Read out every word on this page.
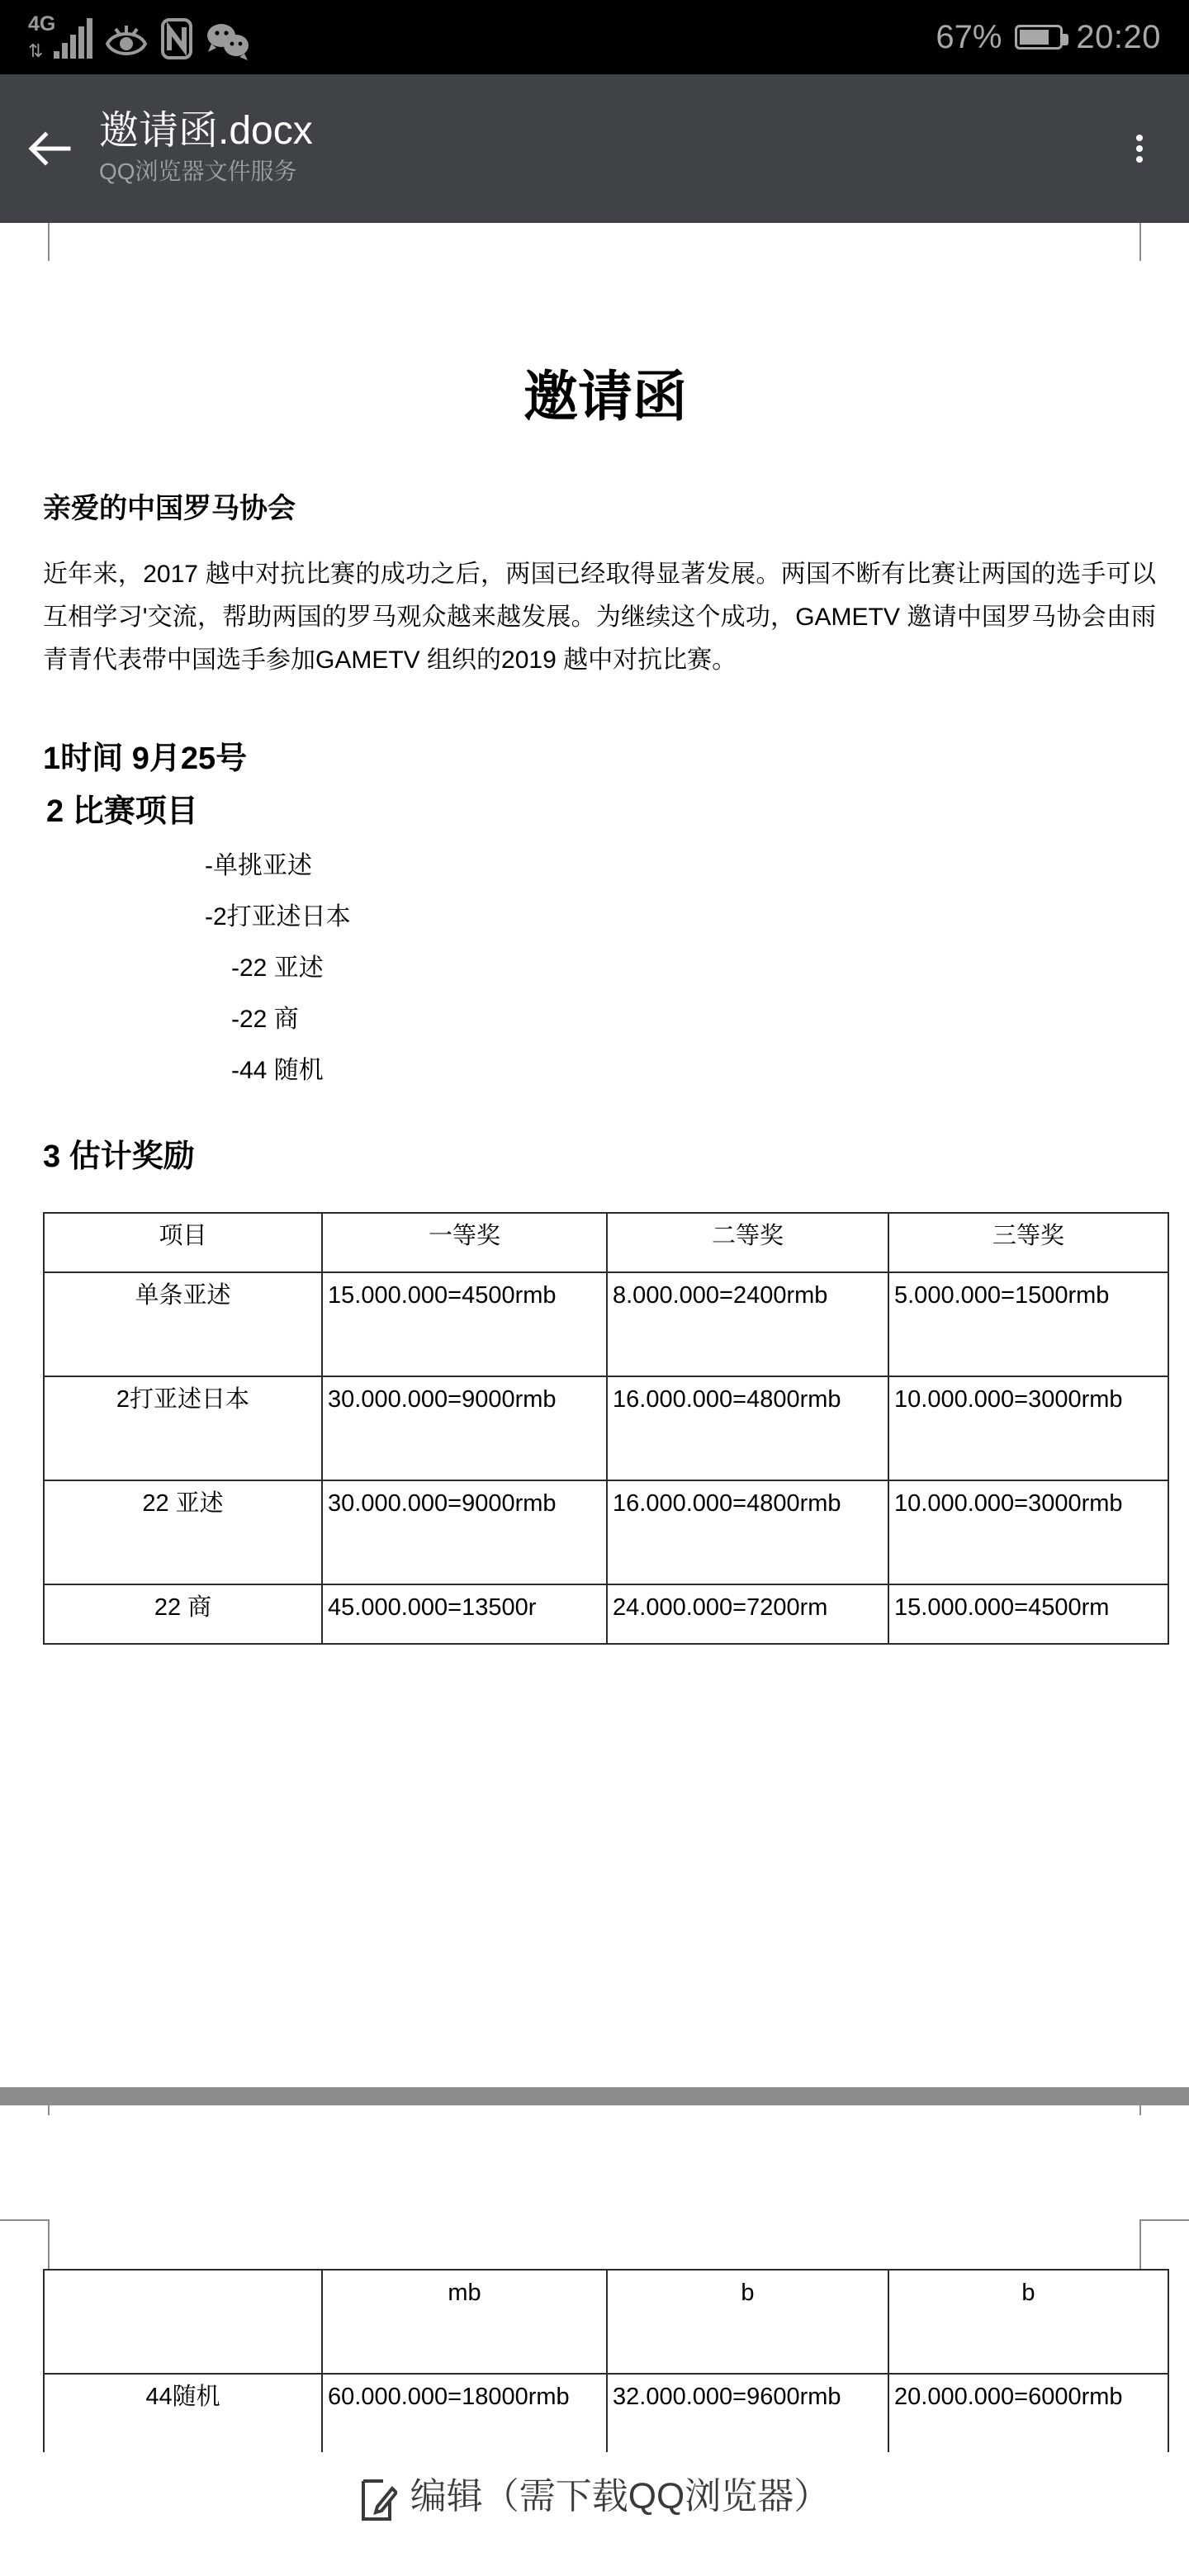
4G
⇅	67% 20:20
邀请函.docx
QQ浏览器文件服务
邀请函
亲爱的中国罗马协会

近年来，2017 越中对抗比赛的成功之后，两国已经取得显著发展。两国不断有比赛让两国的选手可以互相学习'交流，帮助两国的罗马观众越来越发展。为继续这个成功，GAMETV 邀请中国罗马协会由雨青青代表带中国选手参加GAMETV 组织的2019 越中对抗比赛。

1时间 9月25号
2 比赛项目
-单挑亚述
-2打亚述日本
-22 亚述
-22 商
-44 随机
3 估计奖励
项目	一等奖	二等奖	三等奖
单条亚述	15.000.000=4500rmb	8.000.000=2400rmb	5.000.000=1500rmb
2打亚述日本	30.000.000=9000rmb	16.000.000=4800rmb	10.000.000=3000rmb
22 亚述	30.000.000=9000rmb	16.000.000=4800rmb	10.000.000=3000rmb
22 商	45.000.000=13500r	24.000.000=7200rm	15.000.000=4500rm
	mb	b	b
44随机	60.000.000=18000rmb	32.000.000=9600rmb	20.000.000=6000rmb
编辑（需下载QQ浏览器）
